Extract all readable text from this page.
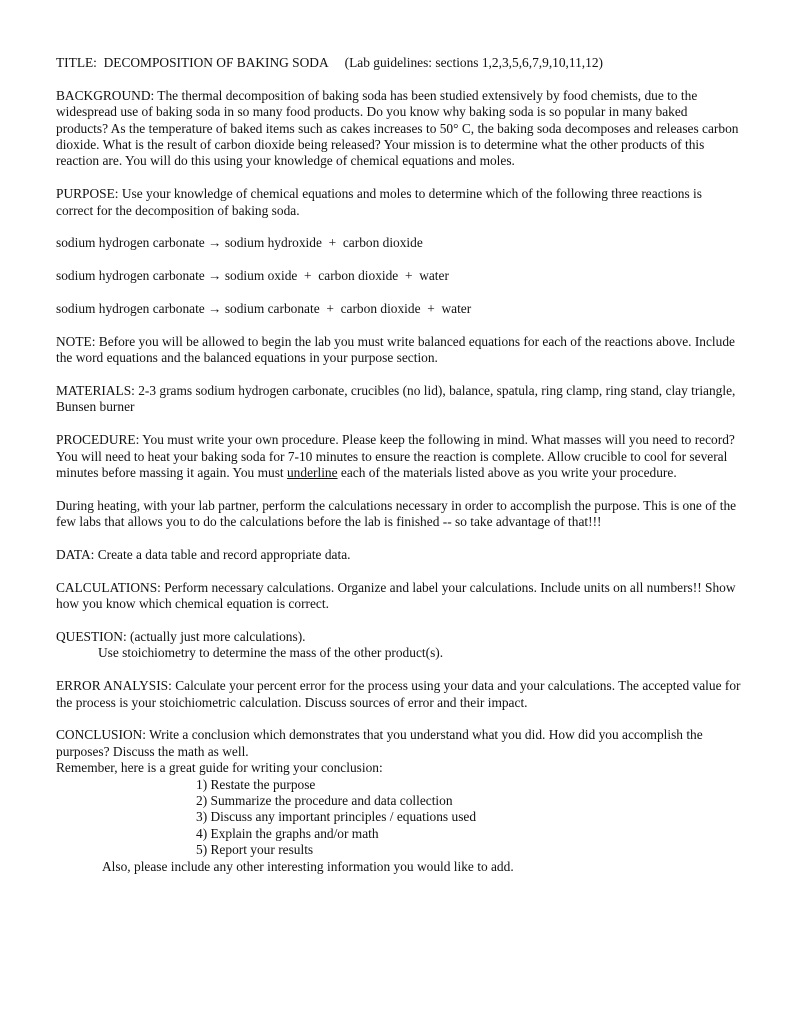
TITLE:  DECOMPOSITION OF BAKING SODA     (Lab guidelines: sections 1,2,3,5,6,7,9,10,11,12)

BACKGROUND: The thermal decomposition of baking soda has been studied extensively by food chemists, due to the widespread use of baking soda in so many food products. Do you know why baking soda is so popular in many baked products? As the temperature of baked items such as cakes increases to 50° C, the baking soda decomposes and releases carbon dioxide. What is the result of carbon dioxide being released? Your mission is to determine what the other products of this reaction are. You will do this using your knowledge of chemical equations and moles.

PURPOSE: Use your knowledge of chemical equations and moles to determine which of the following three reactions is correct for the decomposition of baking soda.

sodium hydrogen carbonate → sodium hydroxide  +  carbon dioxide

sodium hydrogen carbonate → sodium oxide  +  carbon dioxide  +  water

sodium hydrogen carbonate → sodium carbonate  +  carbon dioxide  +  water

NOTE: Before you will be allowed to begin the lab you must write balanced equations for each of the reactions above. Include the word equations and the balanced equations in your purpose section.

MATERIALS: 2-3 grams sodium hydrogen carbonate, crucibles (no lid), balance, spatula, ring clamp, ring stand, clay triangle, Bunsen burner

PROCEDURE: You must write your own procedure. Please keep the following in mind. What masses will you need to record? You will need to heat your baking soda for 7-10 minutes to ensure the reaction is complete. Allow crucible to cool for several minutes before massing it again. You must underline each of the materials listed above as you write your procedure.

During heating, with your lab partner, perform the calculations necessary in order to accomplish the purpose. This is one of the few labs that allows you to do the calculations before the lab is finished -- so take advantage of that!!!

DATA: Create a data table and record appropriate data.

CALCULATIONS: Perform necessary calculations. Organize and label your calculations. Include units on all numbers!! Show how you know which chemical equation is correct.

QUESTION: (actually just more calculations).

Use stoichiometry to determine the mass of the other product(s).

ERROR ANALYSIS: Calculate your percent error for the process using your data and your calculations. The accepted value for the process is your stoichiometric calculation. Discuss sources of error and their impact.

CONCLUSION: Write a conclusion which demonstrates that you understand what you did. How did you accomplish the purposes? Discuss the math as well.

Remember, here is a great guide for writing your conclusion:

1) Restate the purpose

2) Summarize the procedure and data collection

3) Discuss any important principles / equations used

4) Explain the graphs and/or math

5) Report your results

Also, please include any other interesting information you would like to add.
